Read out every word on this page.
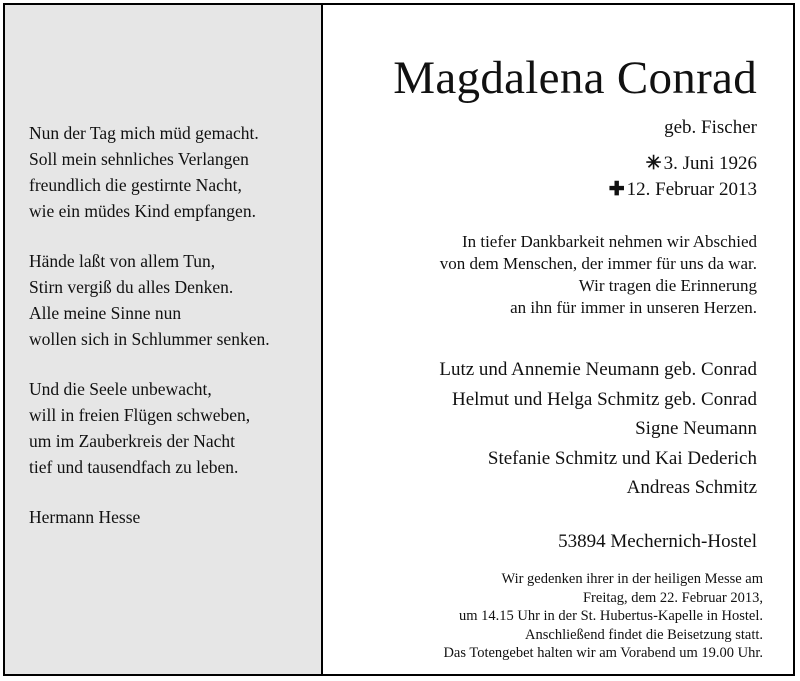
Nun der Tag mich müd gemacht.
Soll mein sehnliches Verlangen
freundlich die gestirnte Nacht,
wie ein müdes Kind empfangen.
Hände laßt von allem Tun,
Stirn vergiß du alles Denken.
Alle meine Sinne nun
wollen sich in Schlummer senken.
Und die Seele unbewacht,
will in freien Flügen schweben,
um im Zauberkreis der Nacht
tief und tausendfach zu leben.
Hermann Hesse
Magdalena Conrad
geb. Fischer
✳ 3. Juni 1926
✚ 12. Februar 2013
In tiefer Dankbarkeit nehmen wir Abschied
von dem Menschen, der immer für uns da war.
Wir tragen die Erinnerung
an ihn für immer in unseren Herzen.
Lutz und Annemie Neumann geb. Conrad
Helmut und Helga Schmitz geb. Conrad
Signe Neumann
Stefanie Schmitz und Kai Dederich
Andreas Schmitz
53894 Mechernich-Hostel
Wir gedenken ihrer in der heiligen Messe am
Freitag, dem 22. Februar 2013,
um 14.15 Uhr in der St. Hubertus-Kapelle in Hostel.
Anschließend findet die Beisetzung statt.
Das Totengebet halten wir am Vorabend um 19.00 Uhr.
